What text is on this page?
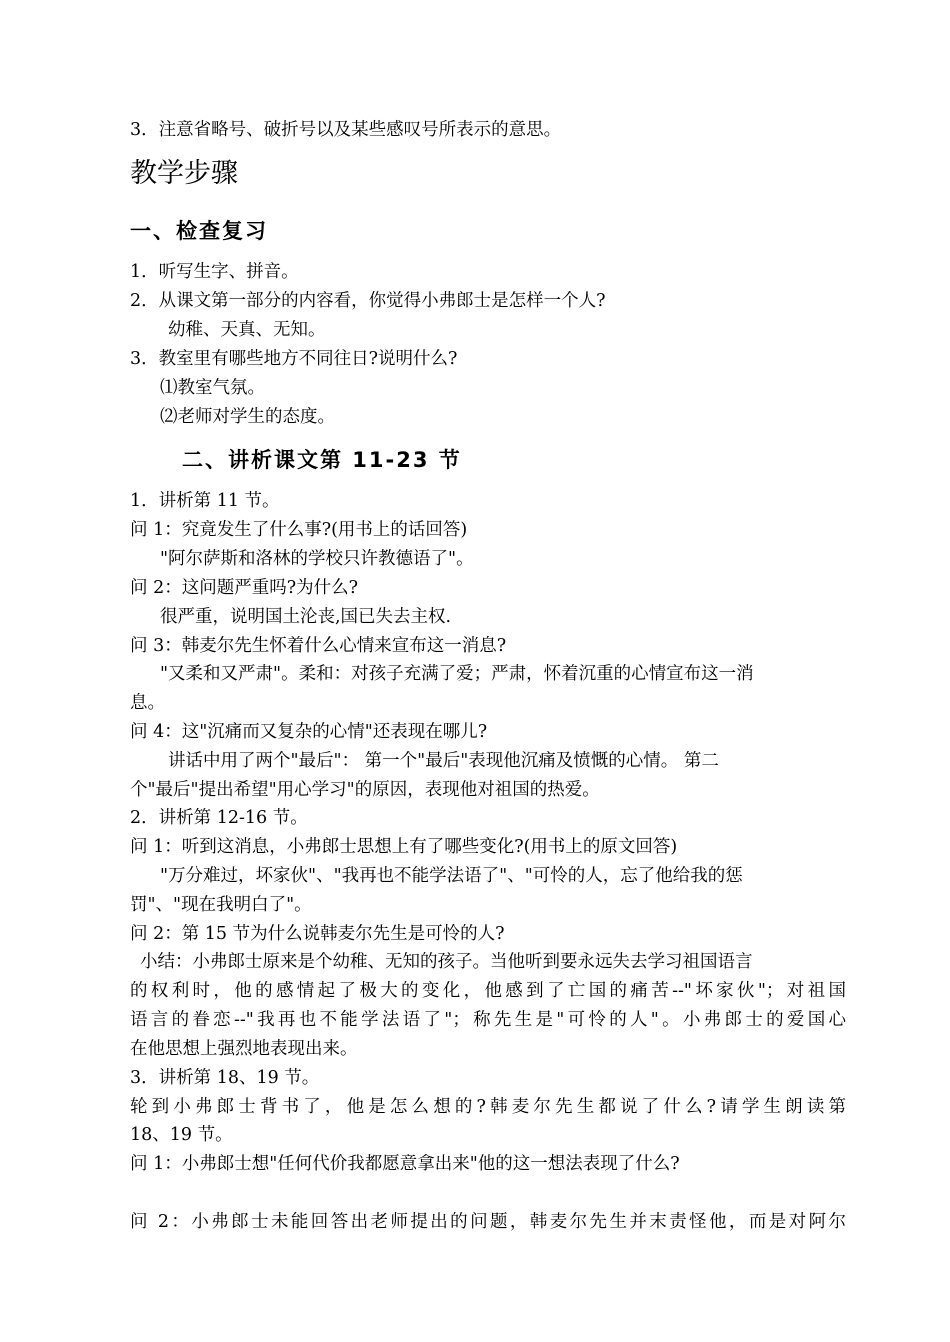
3．注意省略号、破折号以及某些感叹号所表示的意思。

教学步骤
一、检查复习

1．听写生字、拼音。

2．从课文第一部分的内容看，你觉得小弗郎士是怎样一个人?

幼稚、天真、无知。

3．教室里有哪些地方不同往日?说明什么?

⑴教室气氛。

⑵老师对学生的态度。

二、讲析课文第 11-23 节

1．讲析第 11 节。

问 1：究竟发生了什么事?(用书上的话回答)

"阿尔萨斯和洛林的学校只许教德语了"。

问 2：这问题严重吗?为什么?

很严重，说明国土沦丧,国已失去主权.

问 3：韩麦尔先生怀着什么心情来宣布这一消息?

"又柔和又严肃"。柔和：对孩子充满了爱；严肃，怀着沉重的心情宣布这一消

息。

问 4：这"沉痛而又复杂的心情"还表现在哪儿?

讲话中用了两个"最后"： 第一个"最后"表现他沉痛及愤慨的心情。 第二

个"最后"提出希望"用心学习"的原因，表现他对祖国的热爱。

2．讲析第 12-16 节。

问 1：听到这消息，小弗郎士思想上有了哪些变化?(用书上的原文回答)

"万分难过，坏家伙"、"我再也不能学法语了"、"可怜的人，忘了他给我的惩

罚"、"现在我明白了"。

问 2：第 15 节为什么说韩麦尔先生是可怜的人?

小结：小弗郎士原来是个幼稚、无知的孩子。当他听到要永远失去学习祖国语言

的权利时，他的感情起了极大的变化，他感到了亡国的痛苦--"坏家伙"；对祖国

语言的眷恋--"我再也不能学法语了"；称先生是"可怜的人"。小弗郎士的爱国心

在他思想上强烈地表现出来。

3．讲析第 18、19 节。

轮到小弗郎士背书了，他是怎么想的?韩麦尔先生都说了什么?请学生朗读第

18、19 节。

问 1：小弗郎士想"任何代价我都愿意拿出来"他的这一想法表现了什么?

问 2：小弗郎士未能回答出老师提出的问题，韩麦尔先生并末责怪他，而是对阿尔
